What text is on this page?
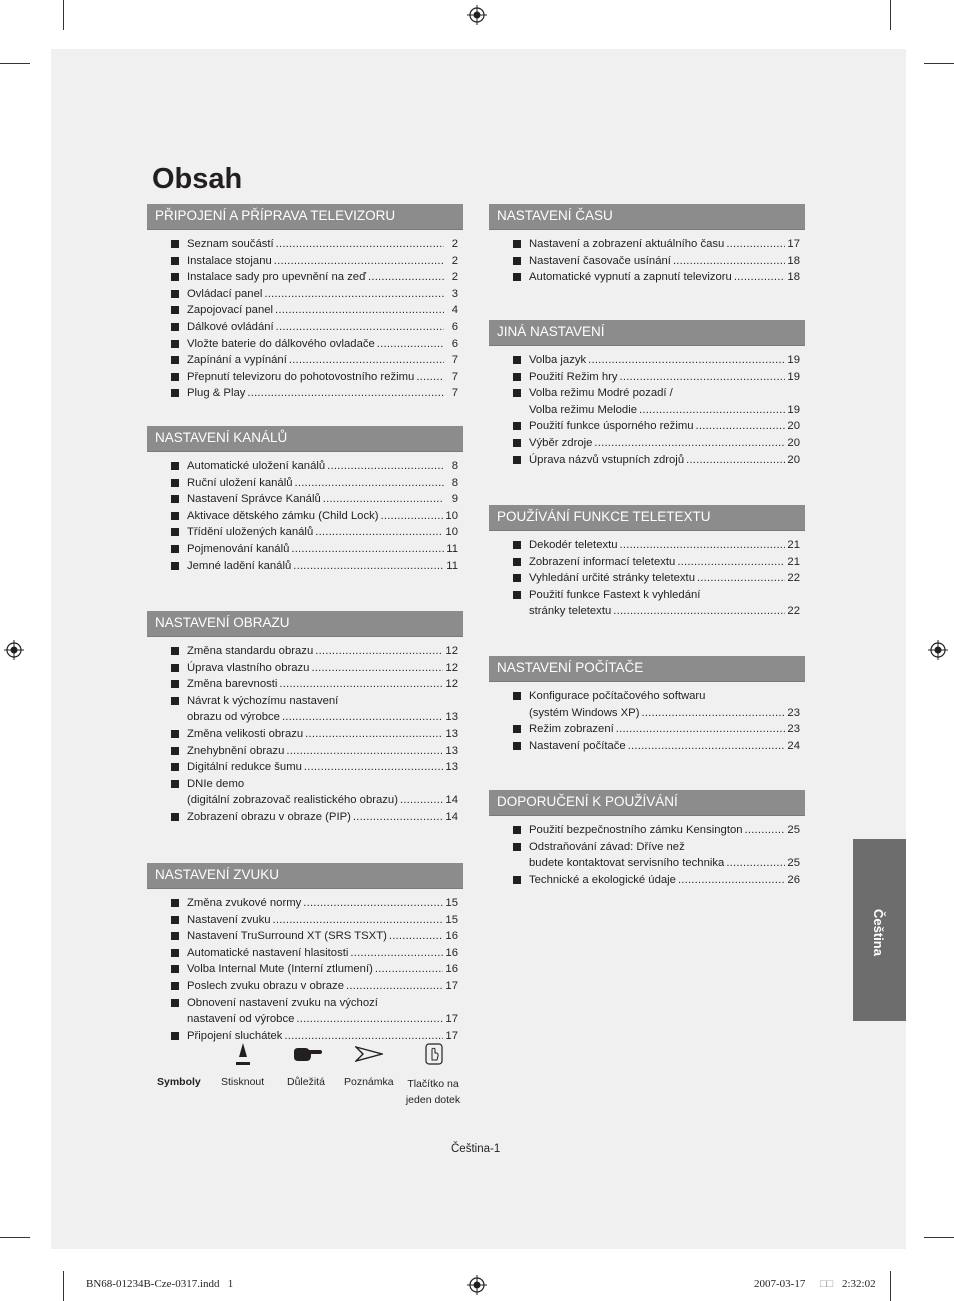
Obsah
PŘIPOJENÍ A PŘÍPRAVA TELEVIZORU
Seznam součástí .....	2
Instalace stojanu .....	2
Instalace sady pro upevnění na zeď .....	2
Ovládací panel .....	3
Zapojovací panel .....	4
Dálkové ovládání .....	6
Vložte baterie do dálkového ovladače .....	6
Zapínání a vypínání .....	7
Přepnutí televizoru do pohotovostního režimu .....	7
Plug & Play .....	7
NASTAVENÍ KANÁLŮ
Automatické uložení kanálů .....	8
Ruční uložení kanálů .....	8
Nastavení Správce Kanálů .....	9
Aktivace dětského zámku (Child Lock) .....	10
Třídění uložených kanálů .....	10
Pojmenování kanálů .....	11
Jemné ladění kanálů .....	11
NASTAVENÍ OBRAZU
Změna standardu obrazu .....	12
Úprava vlastního obrazu .....	12
Změna barevnosti .....	12
Návrat k výchozímu nastavení
obrazu od výrobce .....	13
Změna velikosti obrazu .....	13
Znehybnění obrazu .....	13
Digitální redukce šumu .....	13
DNIe demo
(digitální zobrazovač realistického obrazu) .....	14
Zobrazení obrazu v obraze (PIP) .....	14
NASTAVENÍ ZVUKU
Změna zvukové normy .....	15
Nastavení zvuku .....	15
Nastavení TruSurround XT (SRS TSXT) .....	16
Automatické nastavení hlasitosti .....	16
Volba Internal Mute (Interní ztlumení) .....	16
Poslech zvuku obrazu v obraze .....	17
Obnovení nastavení zvuku na výchozí
nastavení od výrobce .....	17
Připojení sluchátek .....	17
NASTAVENÍ ČASU
Nastavení a zobrazení aktuálního času .....	17
Nastavení časovače usínání .....	18
Automatické vypnutí a zapnutí televizoru .....	18
JINÁ NASTAVENÍ
Volba jazyk .....	19
Použití Režim hry .....	19
Volba režimu Modré pozadí /
Volba režimu Melodie .....	19
Použití funkce úsporného režimu .....	20
Výběr zdroje .....	20
Úprava názvů vstupních zdrojů .....	20
POUŽÍVÁNÍ FUNKCE TELETEXTU
Dekodér teletextu .....	21
Zobrazení informací teletextu .....	21
Vyhledání určité stránky teletextu .....	22
Použití funkce Fastext k vyhledání
stránky teletextu .....	22
NASTAVENÍ POČÍTAČE
Konfigurace počítačového softwaru
(systém Windows XP) .....	23
Režim zobrazení .....	23
Nastavení počítače .....	24
DOPORUČENÍ K POUŽÍVÁNÍ
Použití bezpečnostního zámku Kensington .....	25
Odstraňování závad: Dříve než
budete kontaktovat servisního technika .....	25
Technické a ekologické údaje .....	26
Čeština
Symboly Stisknout Důležitá Poznámka Tlačítko na
jeden dotek
Čeština-1
BN68-01234B-Cze-0317.indd   1	2007-03-17 □□ 2:32:02
